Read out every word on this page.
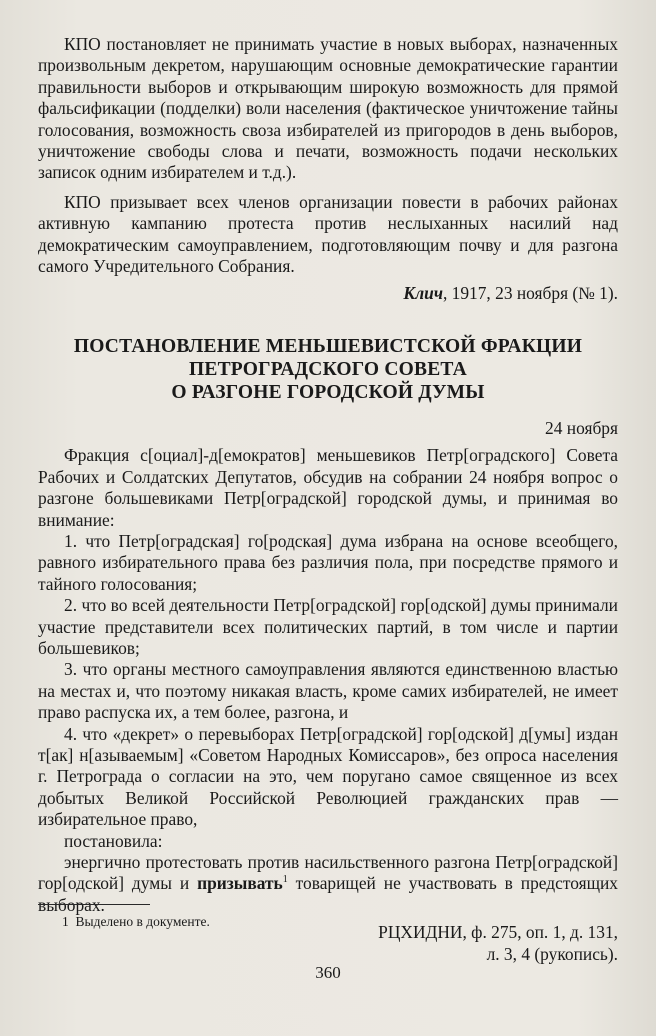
КПО постановляет не принимать участие в новых выборах, назначенных произвольным декретом, нарушающим основные демократические гарантии правильности выборов и открывающим широкую возможность для прямой фальсификации (подделки) воли населения (фактическое уничтожение тайны голосования, возможность своза избирателей из пригородов в день выборов, уничтожение свободы слова и печати, возможность подачи нескольких записок одним избирателем и т.д.).

КПО призывает всех членов организации повести в рабочих районах активную кампанию протеста против неслыханных насилий над демократическим самоуправлением, подготовляющим почву и для разгона самого Учредительного Собрания.

Клич, 1917, 23 ноября (№ 1).

ПОСТАНОВЛЕНИЕ МЕНЬШЕВИСТСКОЙ ФРАКЦИИ
ПЕТРОГРАДСКОГО СОВЕТА
О РАЗГОНЕ ГОРОДСКОЙ ДУМЫ

24 ноября

Фракция с[оциал]-д[емократов] меньшевиков Петр[оградского] Совета Рабочих и Солдатских Депутатов, обсудив на собрании 24 ноября вопрос о разгоне большевиками Петр[оградской] городской думы, и принимая во внимание:

1. что Петр[оградская] го[родская] дума избрана на основе всеобщего, равного избирательного права без различия пола, при посредстве прямого и тайного голосования;

2. что во всей деятельности Петр[оградской] гор[одской] думы принимали участие представители всех политических партий, в том числе и партии большевиков;

3. что органы местного самоуправления являются единственною властью на местах и, что поэтому никакая власть, кроме самих избирателей, не имеет право распуска их, а тем более, разгона, и

4. что «декрет» о перевыборах Петр[оградской] гор[одской] д[умы] издан т[ак] н[азываемым] «Советом Народных Комиссаров», без опроса населения г. Петрограда о согласии на это, чем поругано самое священное из всех добытых Великой Российской Революцией гражданских прав — избирательное право,

постановила:

энергично протестовать против насильственного разгона Петр[оградской] гор[одской] думы и призывать$^1$ товарищей не участвовать в предстоящих выборах.

РЦХИДНИ, ф. 275, оп. 1, д. 131,
л. 3, 4 (рукопись).

1 Выделено в документе.
360
